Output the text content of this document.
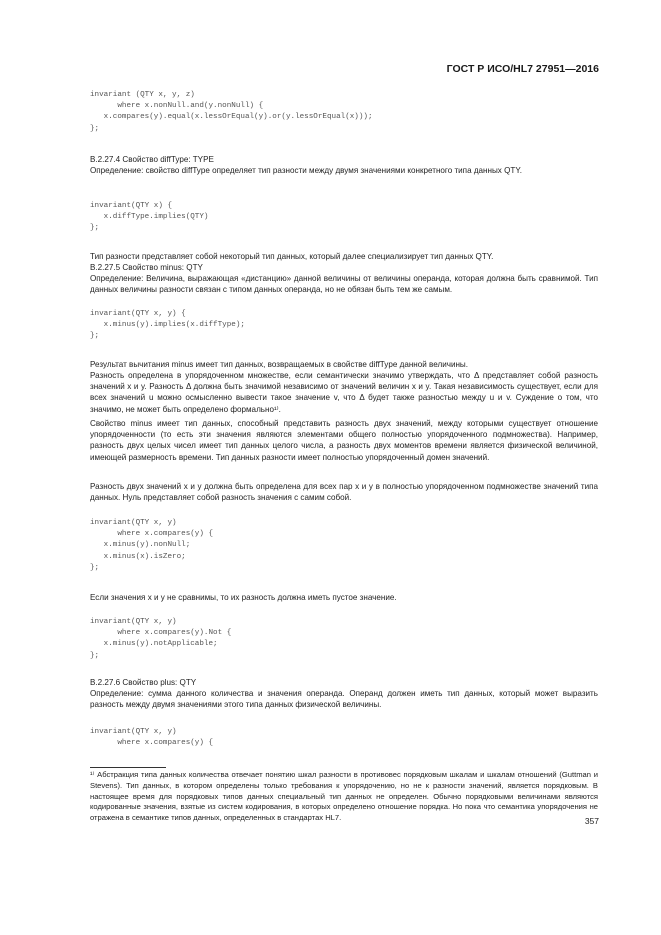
ГОСТ Р ИСО/HL7 27951—2016
invariant (QTY x, y, z)
where x.nonNull.and(y.nonNull) {
x.compares(y).equal(x.lessOrEqual(y).or(y.lessOrEqual(x)));
};

B.2.27.4 Свойство diffType: TYPE

Определение: свойство diffType определяет тип разности между двумя значениями конкретного типа данных QTY.

invariant(QTY x) {
x.diffType.implies(QTY)
};

Тип разности представляет собой некоторый тип данных, который далее специализирует тип данных QTY.

B.2.27.5 Свойство minus: QTY

Определение: Величина, выражающая «дистанцию» данной величины от величины операнда, которая должна быть сравнимой. Тип данных величины разности связан с типом данных операнда, но не обязан быть тем же самым.

invariant(QTY x, y) {
x.minus(y).implies(x.diffType);
};

Результат вычитания minus имеет тип данных, возвращаемых в свойстве diffType данной величины.

Разность определена в упорядоченном множестве, если семантически значимо утверждать, что Δ представляет собой разность значений x и y. Разность Δ должна быть значимой независимо от значений величин x и y. Такая независимость существует, если для всех значений u можно осмысленно вывести такое значение v, что Δ будет также разностью между u и v. Суждение о том, что значимо, не может быть определено формально¹⁾.

Свойство minus имеет тип данных, способный представить разность двух значений, между которыми существует отношение упорядоченности (то есть эти значения являются элементами общего полностью упорядоченного подмножества). Например, разность двух целых чисел имеет тип данных целого числа, а разность двух моментов времени является физической величиной, имеющей размерность времени. Тип данных разности имеет полностью упорядоченный домен значений.

Разность двух значений x и y должна быть определена для всех пар x и y в полностью упорядоченном подмножестве значений типа данных. Нуль представляет собой разность значения с самим собой.

invariant(QTY x, y)
where x.compares(y) {
x.minus(y).nonNull;
x.minus(x).isZero;
};

Если значения x и y не сравнимы, то их разность должна иметь пустое значение.

invariant(QTY x, y)
where x.compares(y).Not {
x.minus(y).notApplicable;
};

B.2.27.6 Свойство plus: QTY

Определение: сумма данного количества и значения операнда. Операнд должен иметь тип данных, который может выразить разность между двумя значениями этого типа данных физической величины.

invariant(QTY x, y)
where x.compares(y) {
¹⁾ Абстракция типа данных количества отвечает понятию шкал разности в противовес порядковым шкалам и шкалам отношений (Guttman и Stevens). Тип данных, в котором определены только требования к упорядочению, но не к разности значений, является порядковым. В настоящее время для порядковых типов данных специальный тип данных не определен. Обычно порядковыми величинами являются кодированные значения, взятые из систем кодирования, в которых определено отношение порядка. Но пока что семантика упорядочения не отражена в семантике типов данных, определенных в стандартах HL7.	357
